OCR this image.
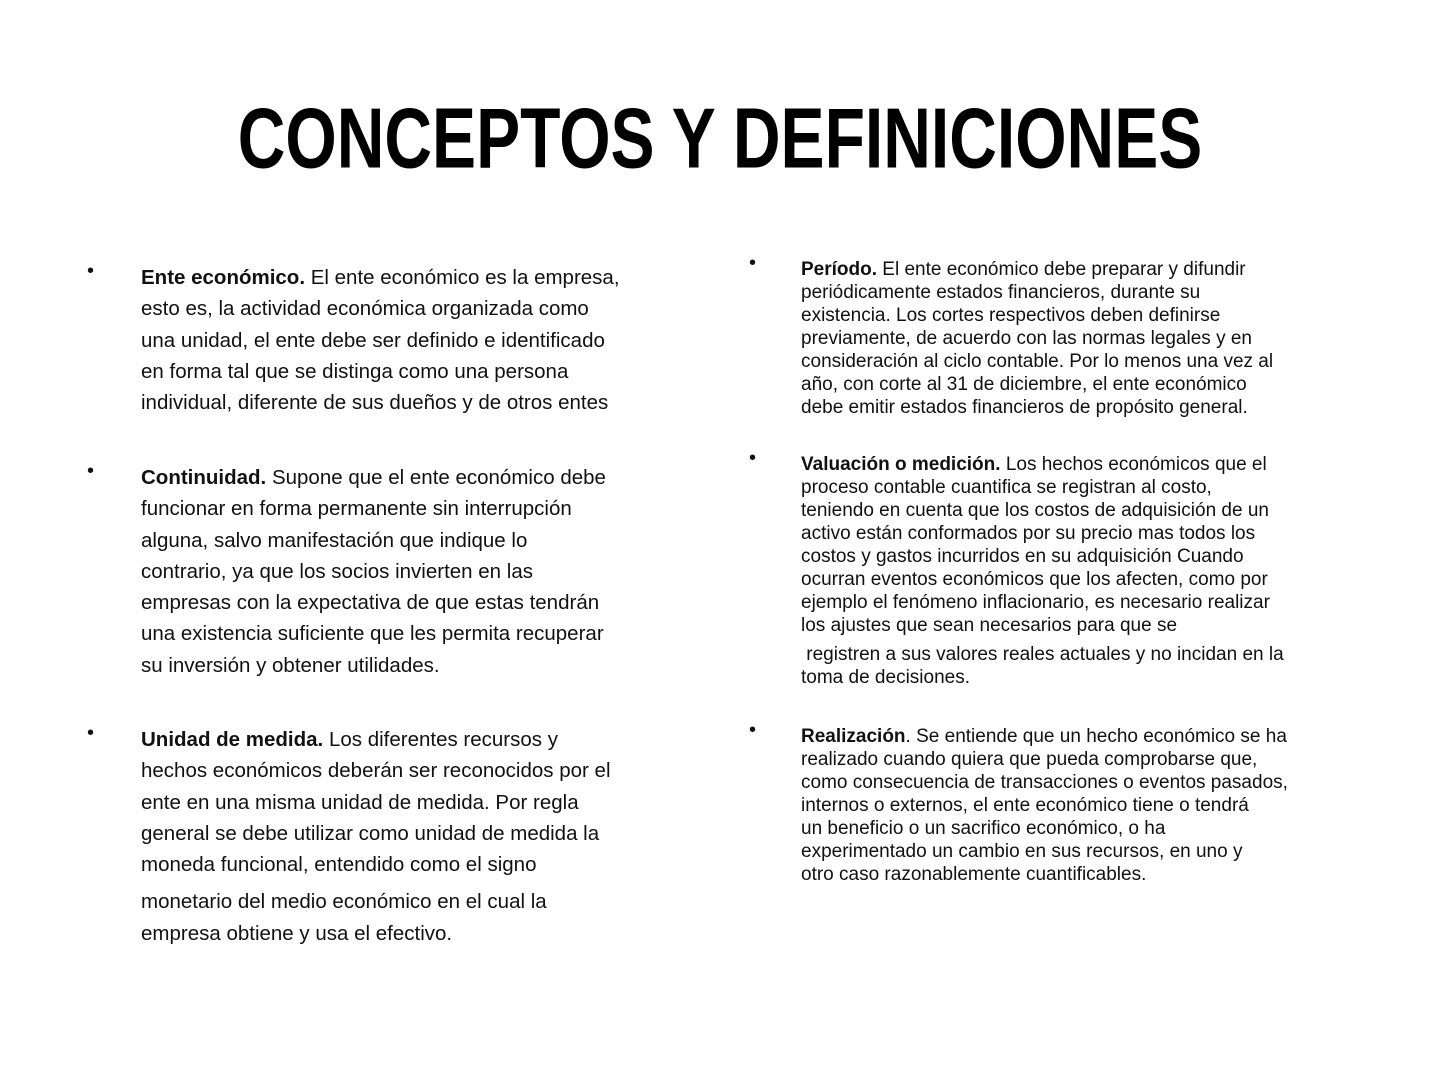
CONCEPTOS Y DEFINICIONES
• Ente económico. El ente económico es la empresa,
esto es, la actividad económica organizada como
una unidad, el ente debe ser definido e identificado
en forma tal que se distinga como una persona
individual, diferente de sus dueños y de otros entes
• Continuidad. Supone que el ente económico debe
funcionar en forma permanente sin interrupción
alguna, salvo manifestación que indique lo
contrario, ya que los socios invierten en las
empresas con la expectativa de que estas tendrán
una existencia suficiente que les permita recuperar
su inversión y obtener utilidades.
• Unidad de medida. Los diferentes recursos y
hechos económicos deberán ser reconocidos por el
ente en una misma unidad de medida. Por regla
general se debe utilizar como unidad de medida la
moneda funcional, entendido como el signo
monetario del medio económico en el cual la
empresa obtiene y usa el efectivo.
• Período. El ente económico debe preparar y difundir
periódicamente estados financieros, durante su
existencia. Los cortes respectivos deben definirse
previamente, de acuerdo con las normas legales y en
consideración al ciclo contable. Por lo menos una vez al
año, con corte al 31 de diciembre, el ente económico
debe emitir estados financieros de propósito general.
• Valuación o medición. Los hechos económicos que el
proceso contable cuantifica se registran al costo,
teniendo en cuenta que los costos de adquisición de un
activo están conformados por su precio mas todos los
costos y gastos incurridos en su adquisición Cuando
ocurran eventos económicos que los afecten, como por
ejemplo el fenómeno inflacionario, es necesario realizar
los ajustes que sean necesarios para que se
registren a sus valores reales actuales y no incidan en la
toma de decisiones.
• Realización. Se entiende que un hecho económico se ha
realizado cuando quiera que pueda comprobarse que,
como consecuencia de transacciones o eventos pasados,
internos o externos, el ente económico tiene o tendrá
un beneficio o un sacrifico económico, o ha
experimentado un cambio en sus recursos, en uno y
otro caso razonablemente cuantificables.
